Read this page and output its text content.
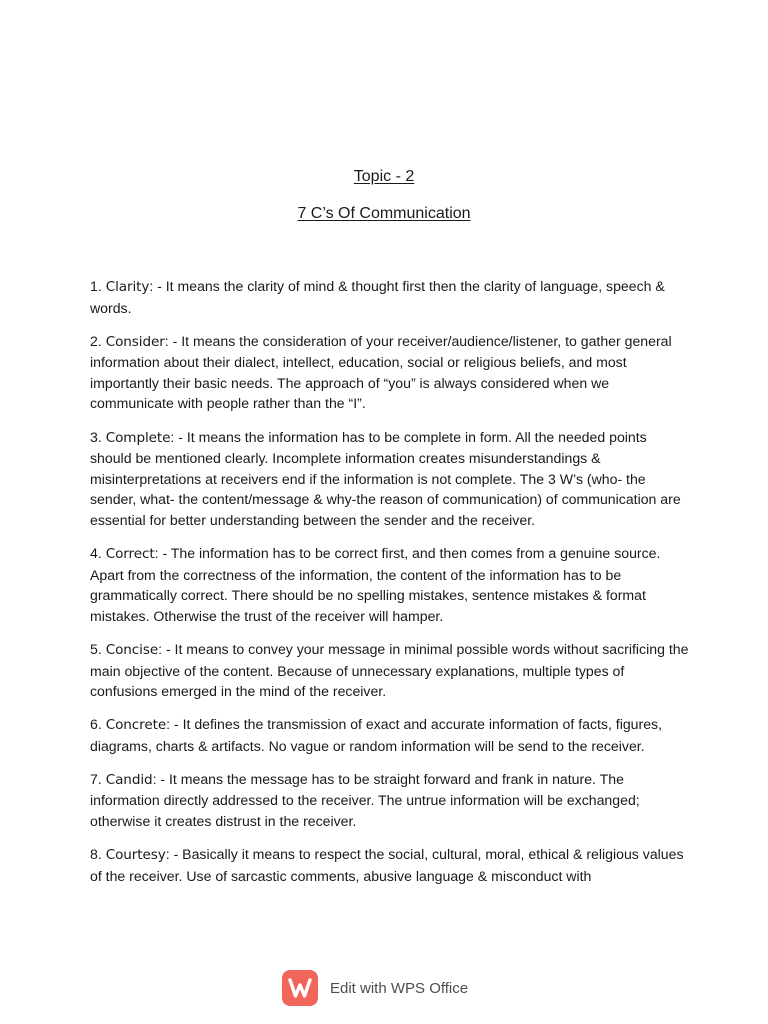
Topic - 2
7 C’s Of Communication

1. Clarity: - It means the clarity of mind & thought first then the clarity of language, speech & words.

2. Consider: - It means the consideration of your receiver/audience/listener, to gather general information about their dialect, intellect, education, social or religious beliefs, and most importantly their basic needs. The approach of “you” is always considered when we communicate with people rather than the “I”.

3. Complete: - It means the information has to be complete in form. All the needed points should be mentioned clearly. Incomplete information creates misunderstandings & misinterpretations at receivers end if the information is not complete. The 3 W’s (who- the sender, what- the content/message & why-the reason of communication) of communication are essential for better understanding between the sender and the receiver.

4. Correct: - The information has to be correct first, and then comes from a genuine source. Apart from the correctness of the information, the content of the information has to be grammatically correct. There should be no spelling mistakes, sentence mistakes & format mistakes. Otherwise the trust of the receiver will hamper.

5. Concise: - It means to convey your message in minimal possible words without sacrificing the main objective of the content. Because of unnecessary explanations, multiple types of confusions emerged in the mind of the receiver.

6. Concrete: - It defines the transmission of exact and accurate information of facts, figures, diagrams, charts & artifacts. No vague or random information will be send to the receiver.

7. Candid: - It means the message has to be straight forward and frank in nature. The information directly addressed to the receiver. The untrue information will be exchanged; otherwise it creates distrust in the receiver.

8. Courtesy: - Basically it means to respect the social, cultural, moral, ethical & religious values of the receiver. Use of sarcastic comments, abusive language & misconduct with

Edit with WPS Office
